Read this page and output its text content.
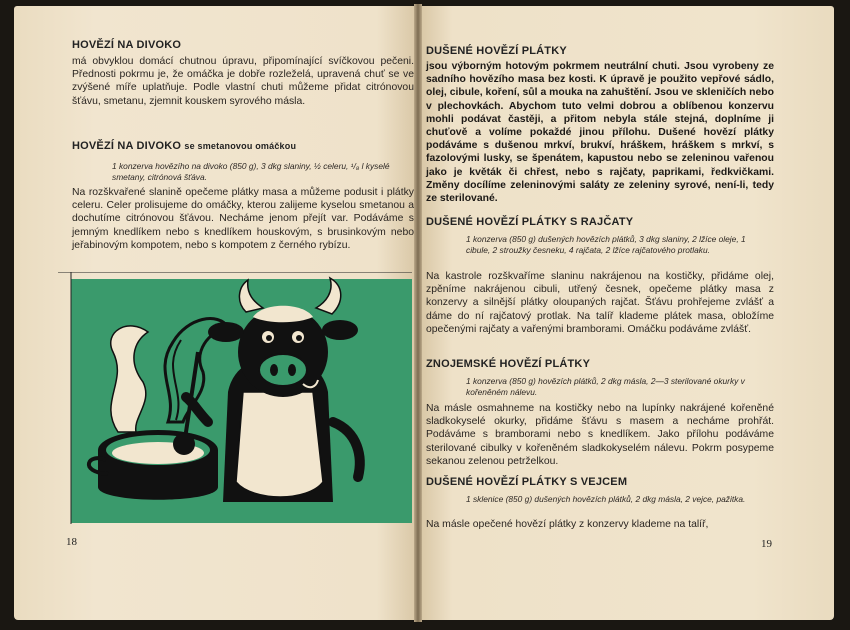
HOVĚZÍ NA DIVOKO

má obvyklou domácí chutnou úpravu, připomínající svíčkovou pečeni. Přednosti pokrmu je, že omáčka je dobře rozleželá, upravená chuť se ve zvýšené míře uplatňuje. Podle vlastní chuti můžeme přidat citrónovou šťávu, smetanu, zjemnit kouskem syrového másla.

HOVĚZÍ NA DIVOKO se smetanovou omáčkou

1 konzerva hovězího na divoko (850 g), 3 dkg slaniny, ½ celeru, ¹/₈ l kyselé smetany, citrónová šťáva.

Na rozškvařené slanině opečeme plátky masa a můžeme podusit i plátky celeru. Celer prolisujeme do omáčky, kterou zalijeme kyselou smetanou a dochutíme citrónovou šťávou. Necháme jenom přejít var. Podáváme s jemným knedlíkem nebo s knedlíkem houskovým, s brusinkovým nebo jeřabinovým kompotem, nebo s kompotem z černého rybízu.

18
DUŠENÉ HOVĚZÍ PLÁTKY

jsou výborným hotovým pokrmem neutrální chuti. Jsou vyrobeny ze sadního hovězího masa bez kosti. K úpravě je použito vepřové sádlo, olej, cibule, koření, sůl a mouka na zahuštění. Jsou ve skleničích nebo v plechovkách. Abychom tuto velmi dobrou a oblíbenou konzervu mohli podávat častěji, a přitom nebyla stále stejná, doplníme ji chuťově a volíme pokaždé jinou přílohu. Dušené hovězí plátky podáváme s dušenou mrkví, brukví, hráškem, hráškem s mrkví, s fazolovými lusky, se špenátem, kapustou nebo se zeleninou vařenou jako je květák či chřest, nebo s rajčaty, paprikami, ředkvičkami. Změny docílíme zeleninovými saláty ze zeleniny syrové, není-li, tedy ze sterilované.

DUŠENÉ HOVĚZÍ PLÁTKY S RAJČATY

1 konzerva (850 g) dušených hovězích plátků, 3 dkg slaniny, 2 lžíce oleje, 1 cibule, 2 stroužky česneku, 4 rajčata, 2 lžíce rajčatového protlaku.

Na kastrole rozškvaříme slaninu nakrájenou na kostičky, přidáme olej, zpěníme nakrájenou cibuli, utřený česnek, opečeme plátky masa z konzervy a silnější plátky oloupaných rajčat. Šťávu prohřejeme zvlášť a dáme do ní rajčatový protlak. Na talíř klademe plátek masa, obložíme opečenými rajčaty a vařenými bramborami. Omáčku podáváme zvlášť.

ZNOJEMSKÉ HOVĚZÍ PLÁTKY

1 konzerva (850 g) hovězích plátků, 2 dkg másla, 2—3 sterilované okurky v kořeněném nálevu.

Na másle osmahneme na kostičky nebo na lupínky nakrájené kořeněné sladkokyselé okurky, přidáme šťávu s masem a necháme prohřát. Podáváme s bramborami nebo s knedlíkem. Jako přílohu podáváme sterilované cibulky v kořeněném sladkokyselém nálevu. Pokrm posypeme sekanou zelenou petrželkou.

DUŠENÉ HOVĚZÍ PLÁTKY S VEJCEM

1 sklenice (850 g) dušených hovězích plátků, 2 dkg másla, 2 vejce, pažitka.

Na másle opečené hovězí plátky z konzervy klademe na talíř,

19
